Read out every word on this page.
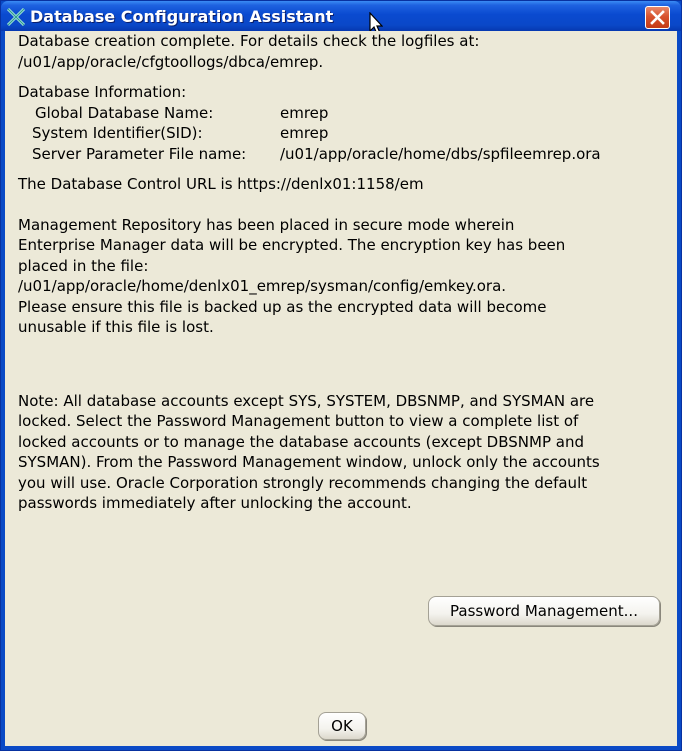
Database Configuration Assistant
Database creation complete. For details check the logfiles at:
/u01/app/oracle/cfgtoollogs/dbca/emrep.
Database Information:
Global Database Name:	emrep
System Identifier(SID):	emrep
Server Parameter File name: /u01/app/oracle/home/dbs/spfileemrep.ora
The Database Control URL is https://denlx01:1158/em
Management Repository has been placed in secure mode wherein
Enterprise Manager data will be encrypted. The encryption key has been
placed in the file:
/u01/app/oracle/home/denlx01_emrep/sysman/config/emkey.ora.
Please ensure this file is backed up as the encrypted data will become
unusable if this file is lost.
Note: All database accounts except SYS, SYSTEM, DBSNMP, and SYSMAN are
locked. Select the Password Management button to view a complete list of
locked accounts or to manage the database accounts (except DBSNMP and
SYSMAN). From the Password Management window, unlock only the accounts
you will use. Oracle Corporation strongly recommends changing the default
passwords immediately after unlocking the account.
Password Management...
OK
